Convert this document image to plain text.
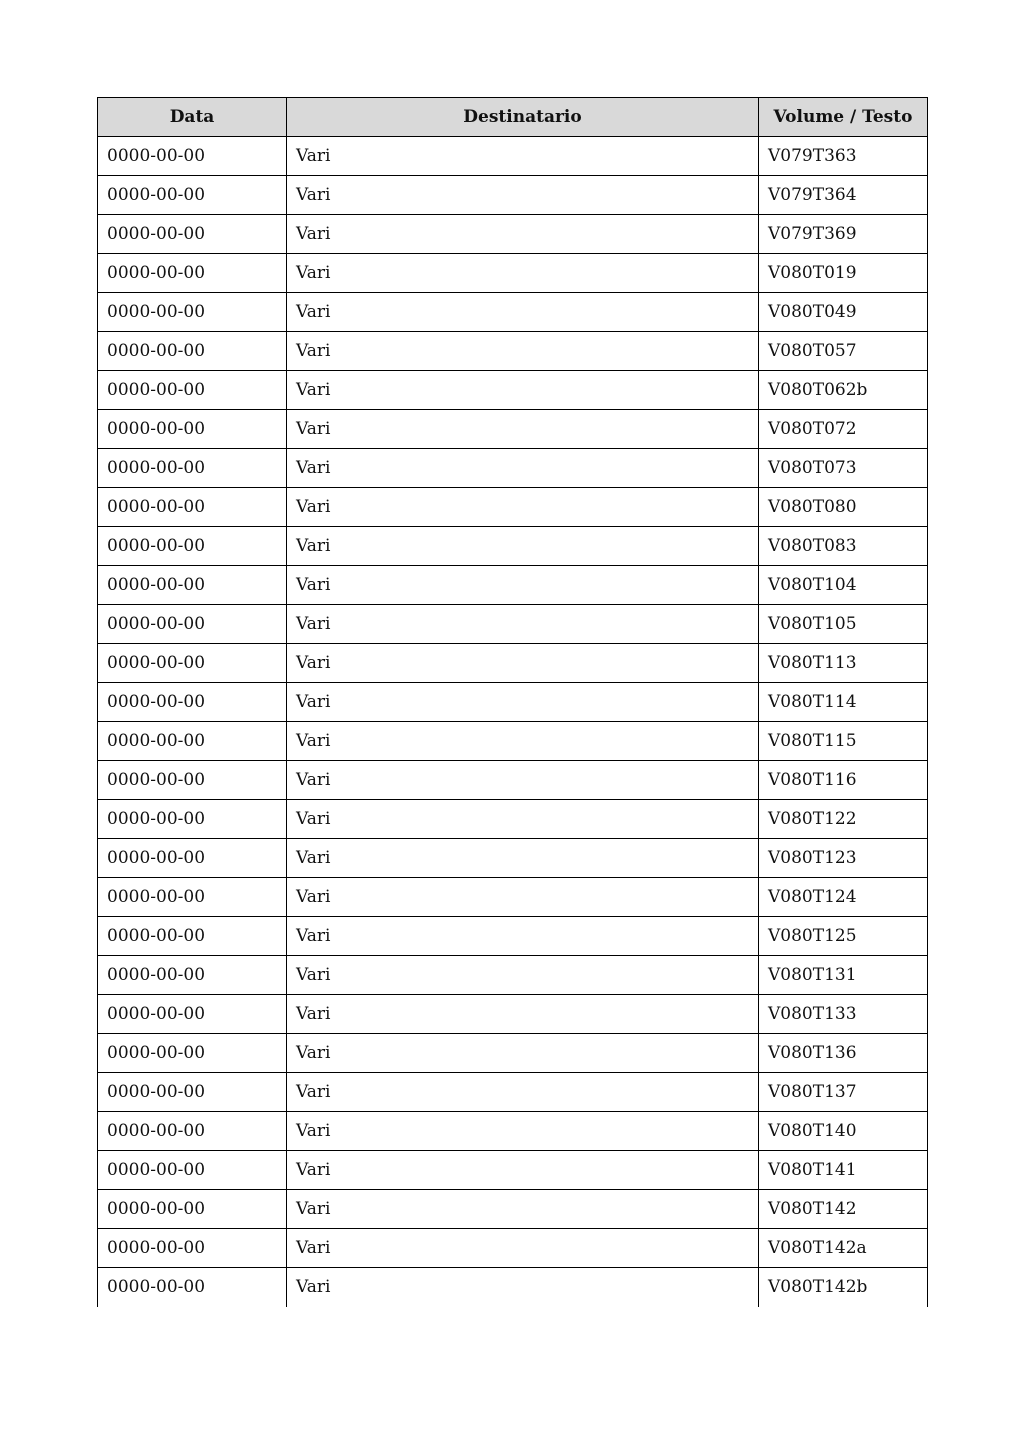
Data	Destinatario	Volume / Testo
0000-00-00	Vari	V079T363
0000-00-00	Vari	V079T364
0000-00-00	Vari	V079T369
0000-00-00	Vari	V080T019
0000-00-00	Vari	V080T049
0000-00-00	Vari	V080T057
0000-00-00	Vari	V080T062b
0000-00-00	Vari	V080T072
0000-00-00	Vari	V080T073
0000-00-00	Vari	V080T080
0000-00-00	Vari	V080T083
0000-00-00	Vari	V080T104
0000-00-00	Vari	V080T105
0000-00-00	Vari	V080T113
0000-00-00	Vari	V080T114
0000-00-00	Vari	V080T115
0000-00-00	Vari	V080T116
0000-00-00	Vari	V080T122
0000-00-00	Vari	V080T123
0000-00-00	Vari	V080T124
0000-00-00	Vari	V080T125
0000-00-00	Vari	V080T131
0000-00-00	Vari	V080T133
0000-00-00	Vari	V080T136
0000-00-00	Vari	V080T137
0000-00-00	Vari	V080T140
0000-00-00	Vari	V080T141
0000-00-00	Vari	V080T142
0000-00-00	Vari	V080T142a
0000-00-00	Vari	V080T142b
